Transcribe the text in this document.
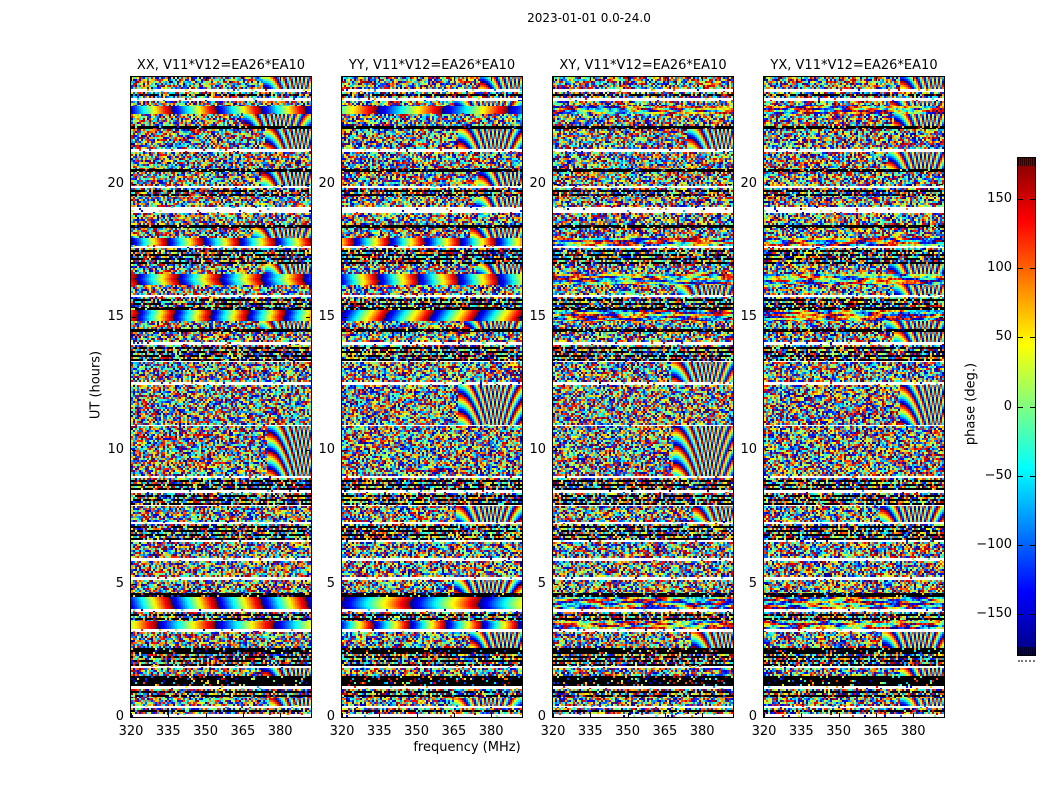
2023-01-01 0.0-24.0
UT (hours)
frequency (MHz)
phase (deg.)
XX, V11*V12=EA26*EA10
320 335 350 365 380
0
5
10
15
20
YY, V11*V12=EA26*EA10
320 335 350 365 380
0
5
10
15
20
XY, V11*V12=EA26*EA10
320 335 350 365 380
0
5
10
15
20
YX, V11*V12=EA26*EA10
320 335 350 365 380
0
5
10
15
20
150
100
50
0
−50
−100
−150
